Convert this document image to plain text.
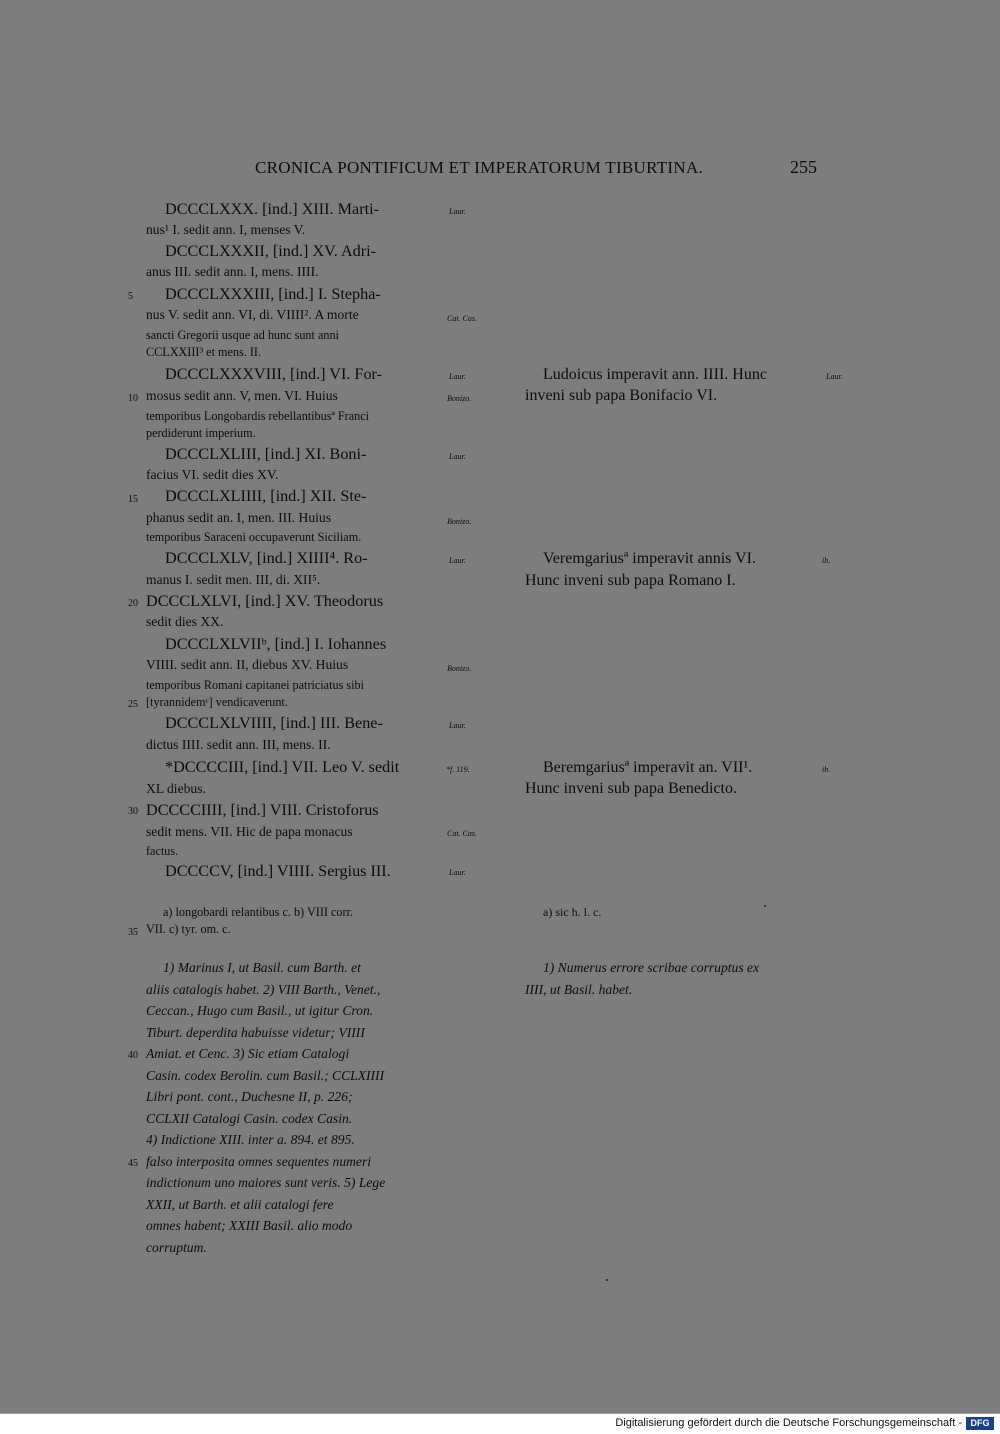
CRONICA PONTIFICUM ET IMPERATORUM TIBURTINA.	255
DCCCLXXX. [ind.] XIII. Marti-
nus¹ I. sedit ann. I, menses V.
DCCCLXXXII, [ind.] XV. Adri-
anus III. sedit ann. I, mens. IIII.
DCCCLXXXIII, [ind.] I. Stepha-
nus V. sedit ann. VI, di. VIIII². A morte
sancti Gregorii usque ad hunc sunt anni
CCLXXIII³ et mens. II.
DCCCLXXXVIII, [ind.] VI. For-
mosus sedit ann. V, men. VI. Huius
temporibus Longobardis rebellantibusª Franci
perdiderunt imperium.
DCCCLXLIII, [ind.] XI. Boni-
facius VI. sedit dies XV.
DCCCLXLIIII, [ind.] XII. Ste-
phanus sedit an. I, men. III. Huius
temporibus Saraceni occupaverunt Siciliam.
DCCCLXLV, [ind.] XIIII⁴. Ro-
manus I. sedit men. III, di. XII⁵.
DCCCLXLVI, [ind.] XV. Theodorus
sedit dies XX.
DCCCLXLVIIᵇ, [ind.] I. Iohannes
VIIII. sedit ann. II, diebus XV. Huius
temporibus Romani capitanei patriciatus sibi
[tyrannidemᶜ] vendicaverunt.
DCCCLXLVIIII, [ind.] III. Bene-
dictus IIII. sedit ann. III, mens. II.
*DCCCCIII, [ind.] VII. Leo V. sedit
XL diebus.
DCCCCIIII, [ind.] VIII. Cristoforus
sedit mens. VII. Hic de papa monacus
factus.
DCCCCV, [ind.] VIIII. Sergius III.
5
10
15
20
25
30
35
40
45
Laur.
Cat. Cas.
Laur.
Bonizo.
Laur.
Bonizo.
Laur.
Bonizo.
Laur.
*f. 119.
Cat. Cas.
Laur.
Ludoicus imperavit ann. IIII. Hunc	Laur.
inveni sub papa Bonifacio VI.
Veremgariusª imperavit annis VI.	ib.
Hunc inveni sub papa Romano I.
Beremgariusª imperavit an. VII¹.	ib.
Hunc inveni sub papa Benedicto.
a) longobardi relantibus c. b) VIII corr.
VII. c) tyr. om. c.
a) sic h. l. c.
1) Marinus I, ut Basil. cum Barth. et
aliis catalogis habet. 2) VIII Barth., Venet.,
Ceccan., Hugo cum Basil., ut igitur Cron.
Tiburt. deperdita habuisse videtur; VIIII
Amiat. et Cenc. 3) Sic etiam Catalogi
Casin. codex Berolin. cum Basil.; CCLXIIII
Libri pont. cont., Duchesne II, p. 226;
CCLXII Catalogi Casin. codex Casin.
4) Indictione XIII. inter a. 894. et 895.
falso interposita omnes sequentes numeri
indictionum uno maiores sunt veris. 5) Lege
XXII, ut Barth. et alii catalogi fere
omnes habent; XXIII Basil. alio modo
corruptum.
1) Numerus errore scribae corruptus ex
IIII, ut Basil. habet.
Digitalisierung gefördert durch die Deutsche Forschungsgemeinschaft - DFG
